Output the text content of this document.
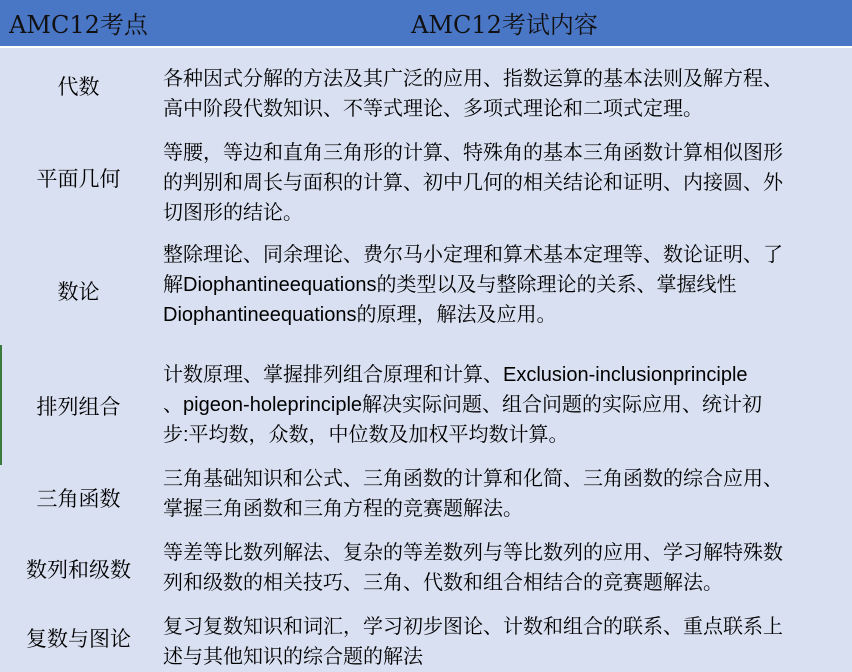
AMC12考点	AMC12考试内容
代数	各种因式分解的方法及其广泛的应用、指数运算的基本法则及解方程、
高中阶段代数知识、不等式理论、多项式理论和二项式定理。
平面几何
等腰，等边和直角三角形的计算、特殊角的基本三角函数计算相似图形
的判别和周长与面积的计算、初中几何的相关结论和证明、内接圆、外
切图形的结论。
数论
整除理论、同余理论、费尔马小定理和算术基本定理等、数论证明、了
解Diophantineequations的类型以及与整除理论的关系、掌握线性
Diophantineequations的原理，解法及应用。
排列组合
计数原理、掌握排列组合原理和计算、Exclusion-inclusionprinciple
、pigeon-holeprinciple解决实际问题、组合问题的实际应用、统计初
步:平均数，众数，中位数及加权平均数计算。
三角函数
三角基础知识和公式、三角函数的计算和化简、三角函数的综合应用、
掌握三角函数和三角方程的竞赛题解法。
数列和级数
等差等比数列解法、复杂的等差数列与等比数列的应用、学习解特殊数
列和级数的相关技巧、三角、代数和组合相结合的竞赛题解法。
复数与图论
复习复数知识和词汇，学习初步图论、计数和组合的联系、重点联系上
述与其他知识的综合题的解法
